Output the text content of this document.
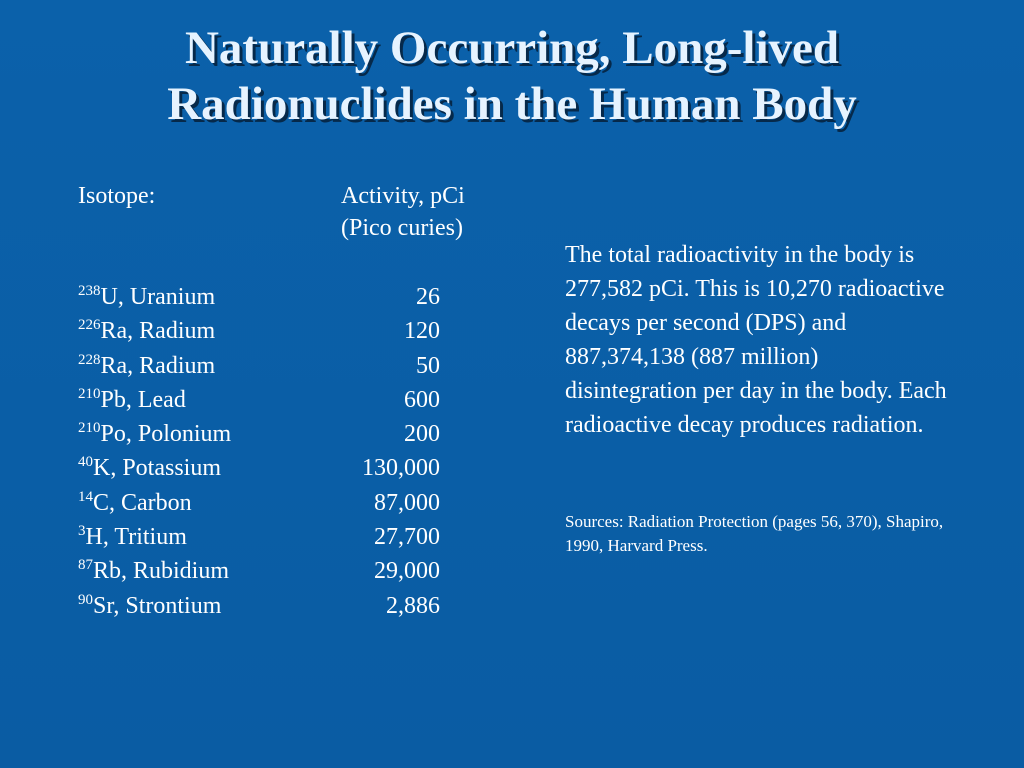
Naturally Occurring, Long-lived
Radionuclides in the Human Body
Isotope:	Activity, pCi
(Pico curies)
$^{238}$U, Uranium	26
$^{226}$Ra, Radium	120
$^{228}$Ra, Radium	50
$^{210}$Pb, Lead	600
$^{210}$Po, Polonium	200
$^{40}$K, Potassium	130,000
$^{14}$C, Carbon	87,000
$^3$H, Tritium	27,700
$^{87}$Rb, Rubidium	29,000
$^{90}$Sr, Strontium	2,886

The total radioactivity in the body is 277,582 pCi. This is 10,270 radioactive decays per second (DPS) and 887,374,138 (887 million) disintegration per day in the body. Each radioactive decay produces radiation.

Sources: Radiation Protection (pages 56, 370), Shapiro, 1990, Harvard Press.
